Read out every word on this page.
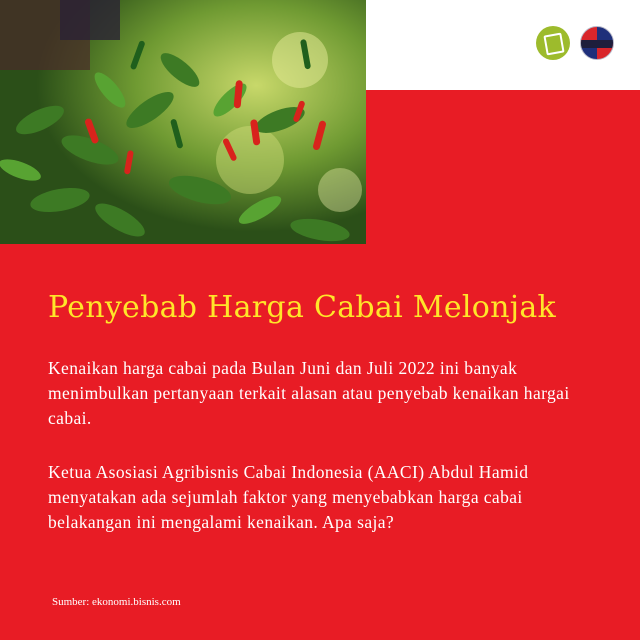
Penyebab Harga Cabai Melonjak

Kenaikan harga cabai pada Bulan Juni dan Juli 2022 ini banyak menimbulkan pertanyaan terkait alasan atau penyebab kenaikan hargai cabai.

Ketua Asosiasi Agribisnis Cabai Indonesia (AACI) Abdul Hamid menyatakan ada sejumlah faktor yang menyebabkan harga cabai belakangan ini mengalami kenaikan. Apa saja?

Sumber: ekonomi.bisnis.com
